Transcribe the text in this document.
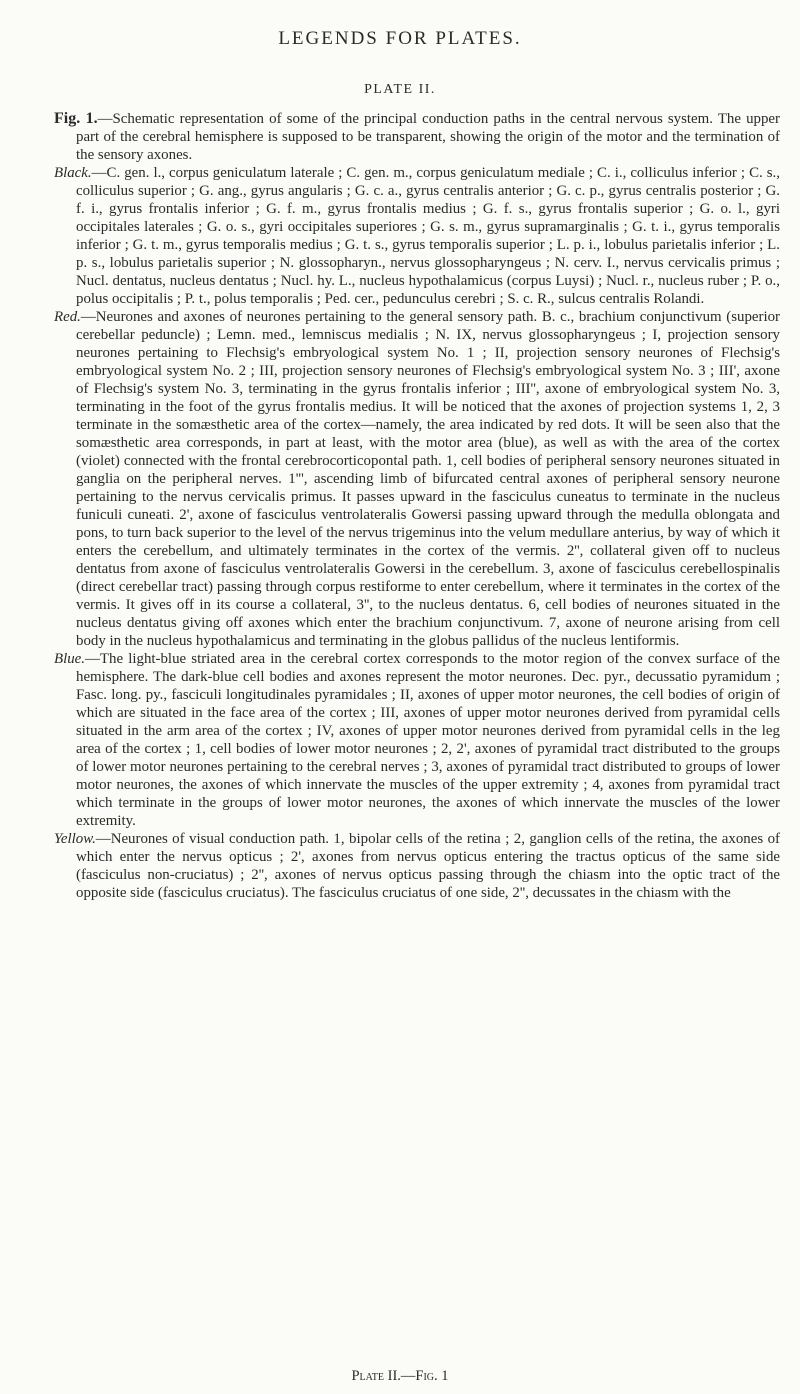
LEGENDS FOR PLATES.
PLATE II.

Fig. 1.—Schematic representation of some of the principal conduction paths in the central nervous system. The upper part of the cerebral hemisphere is supposed to be transparent, showing the origin of the motor and the termination of the sensory axones.

Black.—C. gen. l., corpus geniculatum laterale ; C. gen. m., corpus geniculatum mediale ; C. i., colliculus inferior ; C. s., colliculus superior ; G. ang., gyrus angularis ; G. c. a., gyrus centralis anterior ; G. c. p., gyrus centralis posterior ; G. f. i., gyrus frontalis inferior ; G. f. m., gyrus frontalis medius ; G. f. s., gyrus frontalis superior ; G. o. l., gyri occipitales laterales ; G. o. s., gyri occipitales superiores ; G. s. m., gyrus supramarginalis ; G. t. i., gyrus temporalis inferior ; G. t. m., gyrus temporalis medius ; G. t. s., gyrus temporalis superior ; L. p. i., lobulus parietalis inferior ; L. p. s., lobulus parietalis superior ; N. glossopharyn., nervus glossopharyngeus ; N. cerv. I., nervus cervicalis primus ; Nucl. dentatus, nucleus dentatus ; Nucl. hy. L., nucleus hypothalamicus (corpus Luysi) ; Nucl. r., nucleus ruber ; P. o., polus occipitalis ; P. t., polus temporalis ; Ped. cer., pedunculus cerebri ; S. c. R., sulcus centralis Rolandi.

Red.—Neurones and axones of neurones pertaining to the general sensory path. B. c., brachium conjunctivum (superior cerebellar peduncle) ; Lemn. med., lemniscus medialis ; N. IX, nervus glossopharyngeus ; I, projection sensory neurones pertaining to Flechsig's embryological system No. 1 ; II, projection sensory neurones of Flechsig's embryological system No. 2 ; III, projection sensory neurones of Flechsig's embryological system No. 3 ; III', axone of Flechsig's system No. 3, terminating in the gyrus frontalis inferior ; III'', axone of embryological system No. 3, terminating in the foot of the gyrus frontalis medius. It will be noticed that the axones of projection systems 1, 2, 3 terminate in the somæsthetic area of the cortex—namely, the area indicated by red dots. It will be seen also that the somæsthetic area corresponds, in part at least, with the motor area (blue), as well as with the area of the cortex (violet) connected with the frontal cerebrocorticopontal path. 1, cell bodies of peripheral sensory neurones situated in ganglia on the peripheral nerves. 1''', ascending limb of bifurcated central axones of peripheral sensory neurone pertaining to the nervus cervicalis primus. It passes upward in the fasciculus cuneatus to terminate in the nucleus funiculi cuneati. 2', axone of fasciculus ventrolateralis Gowersi passing upward through the medulla oblongata and pons, to turn back superior to the level of the nervus trigeminus into the velum medullare anterius, by way of which it enters the cerebellum, and ultimately terminates in the cortex of the vermis. 2'', collateral given off to nucleus dentatus from axone of fasciculus ventrolateralis Gowersi in the cerebellum. 3, axone of fasciculus cerebellospinalis (direct cerebellar tract) passing through corpus restiforme to enter cerebellum, where it terminates in the cortex of the vermis. It gives off in its course a collateral, 3'', to the nucleus dentatus. 6, cell bodies of neurones situated in the nucleus dentatus giving off axones which enter the brachium conjunctivum. 7, axone of neurone arising from cell body in the nucleus hypothalamicus and terminating in the globus pallidus of the nucleus lentiformis.

Blue.—The light-blue striated area in the cerebral cortex corresponds to the motor region of the convex surface of the hemisphere. The dark-blue cell bodies and axones represent the motor neurones. Dec. pyr., decussatio pyramidum ; Fasc. long. py., fasciculi longitudinales pyramidales ; II, axones of upper motor neurones, the cell bodies of origin of which are situated in the face area of the cortex ; III, axones of upper motor neurones derived from pyramidal cells situated in the arm area of the cortex ; IV, axones of upper motor neurones derived from pyramidal cells in the leg area of the cortex ; 1, cell bodies of lower motor neurones ; 2, 2', axones of pyramidal tract distributed to the groups of lower motor neurones pertaining to the cerebral nerves ; 3, axones of pyramidal tract distributed to groups of lower motor neurones, the axones of which innervate the muscles of the upper extremity ; 4, axones from pyramidal tract which terminate in the groups of lower motor neurones, the axones of which innervate the muscles of the lower extremity.

Yellow.—Neurones of visual conduction path. 1, bipolar cells of the retina ; 2, ganglion cells of the retina, the axones of which enter the nervus opticus ; 2', axones from nervus opticus entering the tractus opticus of the same side (fasciculus non-cruciatus) ; 2'', axones of nervus opticus passing through the chiasm into the optic tract of the opposite side (fasciculus cruciatus). The fasciculus cruciatus of one side, 2'', decussates in the chiasm with the

Plate II.—Fig. 1
